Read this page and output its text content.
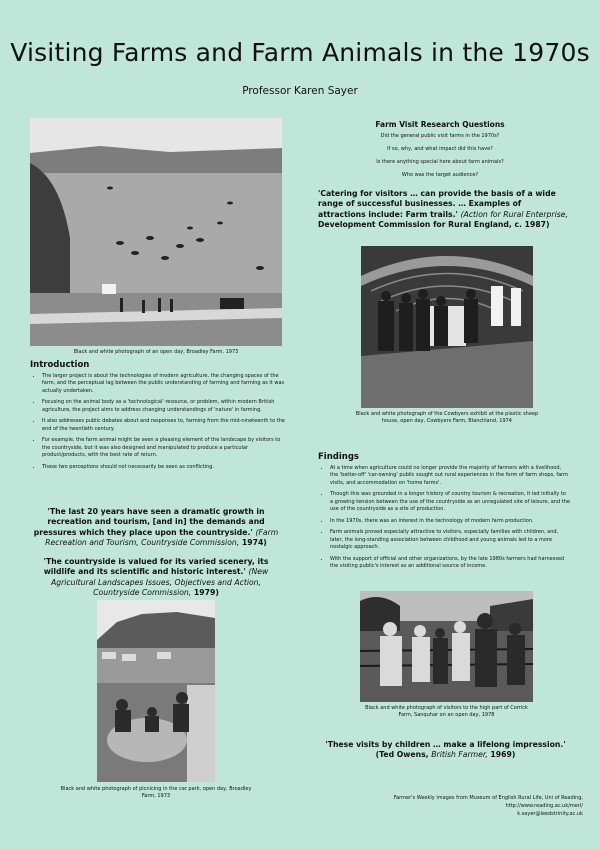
Visiting Farms and Farm Animals in the 1970s
Professor Karen Sayer
Black and white photograph of an open day, Broadley Farm, 1973
Introduction
• The larger project is about the technologies of modern agriculture, the changing spaces of the farm, and the perceptual lag between the public understanding of farming and farming as it was actually undertaken.
• Focusing on the animal body as a 'technological' resource, or problem, within modern British agriculture, the project aims to address changing understandings of 'nature' in farming.
• It also addresses public debates about and responses to, farming from the mid-nineteenth to the end of the twentieth century.
• For example, the farm animal might be seen a pleasing element of the landscape by visitors to the countryside, but it was also designed and manipulated to produce a particular product/products, with the best rate of return.
• These two perceptions should not necessarily be seen as conflicting.
'The last 20 years have seen a dramatic growth in recreation and tourism, [and in] the demands and pressures which they place upon the countryside.' (Farm Recreation and Tourism, Countryside Commission, 1974)
'The countryside is valued for its varied scenery, its wildlife and its scientific and historic interest.' (New Agricultural Landscapes Issues, Objectives and Action, Countryside Commission, 1979)
Black and white photograph of picnicing in the car park, open day, Broadley Farm, 1973
Farm Visit Research Questions
Did the general public visit farms in the 1970s?
If so, why, and what impact did this have?
Is there anything special here about farm animals?
Who was the target audience?
'Catering for visitors … can provide the basis of a wide range of successful businesses. … Examples of attractions include: Farm trails.' (Action for Rural Enterprise, Development Commission for Rural England, c. 1987)
Black and white photograph of the Cowbyers exhibit at the plastic sheep house, open day, Cowbyers Farm, Blanchland, 1974
Findings
• At a time when agriculture could no longer provide the majority of farmers with a livelihood, the 'better-off' 'car-owning' public sought out rural experiences in the form of farm shops, farm visits, and accommodation on 'home farms'.
• Though this was grounded in a longer history of country tourism & recreation, it led initially to a growing tension between the use of the countryside as an unregulated site of leisure, and the use of the countryside as a site of production.
• In the 1970s, there was an interest in the technology of modern farm production.
• Farm animals proved especially attractive to visitors, especially families with children, and, later, the long-standing association between childhood and young animals led to a more nostalgic approach.
• With the support of official and other organizations, by the late 1980s farmers had harnessed the visiting public's interest as an additional source of income.
Black and white photograph of visitors to the high part of Corrick Farm, Sanquhar on an open day, 1978
'These visits by children … make a lifelong impression.' (Ted Owens, British Farmer, 1969)
Farmer's Weekly images from Museum of English Rural Life, Uni of Reading,
http://www.reading.ac.uk/merl/
k.sayer@leedstrinity.ac.uk
